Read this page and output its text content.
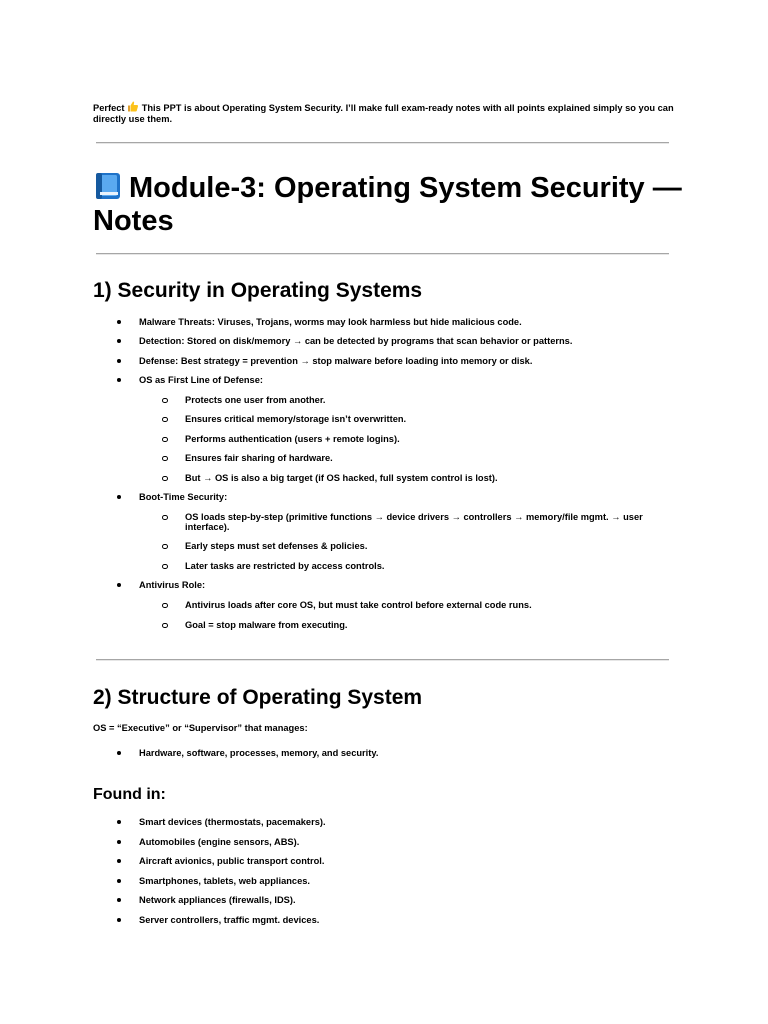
Perfect  This PPT is about Operating System Security. I’ll make full exam-ready notes with all points explained simply so you can directly use them.
Module-3: Operating System Security — Notes
1) Security in Operating Systems
Malware Threats: Viruses, Trojans, worms may look harmless but hide malicious code.
Detection: Stored on disk/memory → can be detected by programs that scan behavior or patterns.
Defense: Best strategy = prevention → stop malware before loading into memory or disk.
OS as First Line of Defense:
Protects one user from another.
Ensures critical memory/storage isn’t overwritten.
Performs authentication (users + remote logins).
Ensures fair sharing of hardware.
But → OS is also a big target (if OS hacked, full system control is lost).
Boot-Time Security:
OS loads step-by-step (primitive functions → device drivers → controllers → memory/file mgmt. → user interface).
Early steps must set defenses & policies.
Later tasks are restricted by access controls.
Antivirus Role:
Antivirus loads after core OS, but must take control before external code runs.
Goal = stop malware from executing.
2) Structure of Operating System
OS = “Executive” or “Supervisor” that manages:
Hardware, software, processes, memory, and security.
Found in:
Smart devices (thermostats, pacemakers).
Automobiles (engine sensors, ABS).
Aircraft avionics, public transport control.
Smartphones, tablets, web appliances.
Network appliances (firewalls, IDS).
Server controllers, traffic mgmt. devices.
